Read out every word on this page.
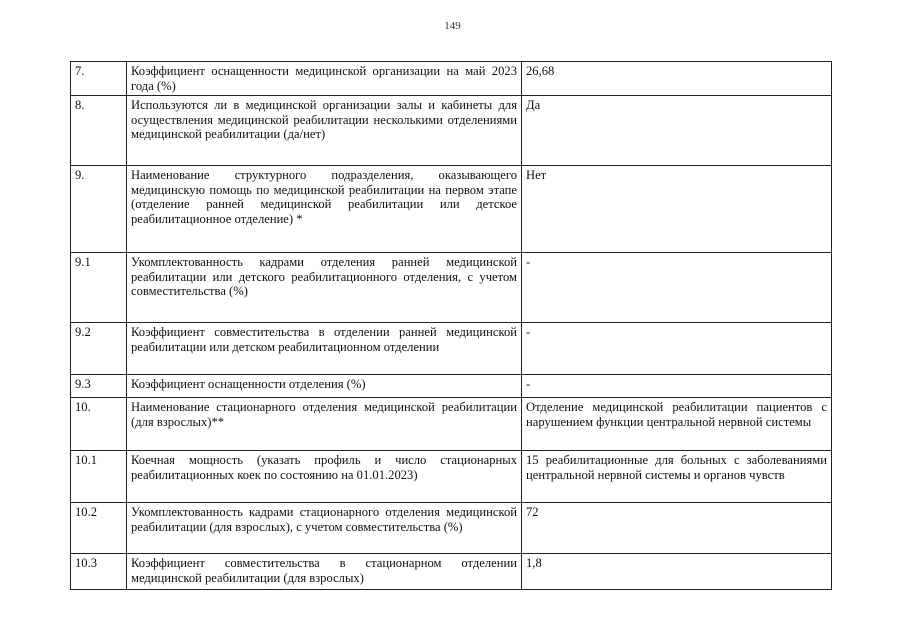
149
7.	Коэффициент оснащенности медицинской организации на май 2023 года (%)	26,68
8.	Используются ли в медицинской организации залы и кабинеты для осуществления медицинской реабилитации несколькими отделениями медицинской реабилитации (да/нет)	Да
9.	Наименование структурного подразделения, оказывающего медицинскую помощь по медицинской реабилитации на первом этапе (отделение ранней медицинской реабилитации или детское реабилитационное отделение) *	Нет
9.1	Укомплектованность кадрами отделения ранней медицинской реабилитации или детского реабилитационного отделения, с учетом совместительства (%)	-
9.2	Коэффициент совместительства в отделении ранней медицинской реабилитации или детском реабилитационном отделении	-
9.3	Коэффициент оснащенности отделения (%)	-
10.	Наименование стационарного отделения медицинской реабилитации (для взрослых)**	Отделение медицинской реабилитации пациентов с нарушением функции центральной нервной системы
10.1	Коечная мощность (указать профиль и число стационарных реабилитационных коек по состоянию на 01.01.2023)	15 реабилитационные для больных с заболеваниями центральной нервной системы и органов чувств
10.2	Укомплектованность кадрами стационарного отделения медицинской реабилитации (для взрослых), с учетом совместительства (%)	72
10.3	Коэффициент совместительства в стационарном отделении медицинской реабилитации (для взрослых)	1,8
